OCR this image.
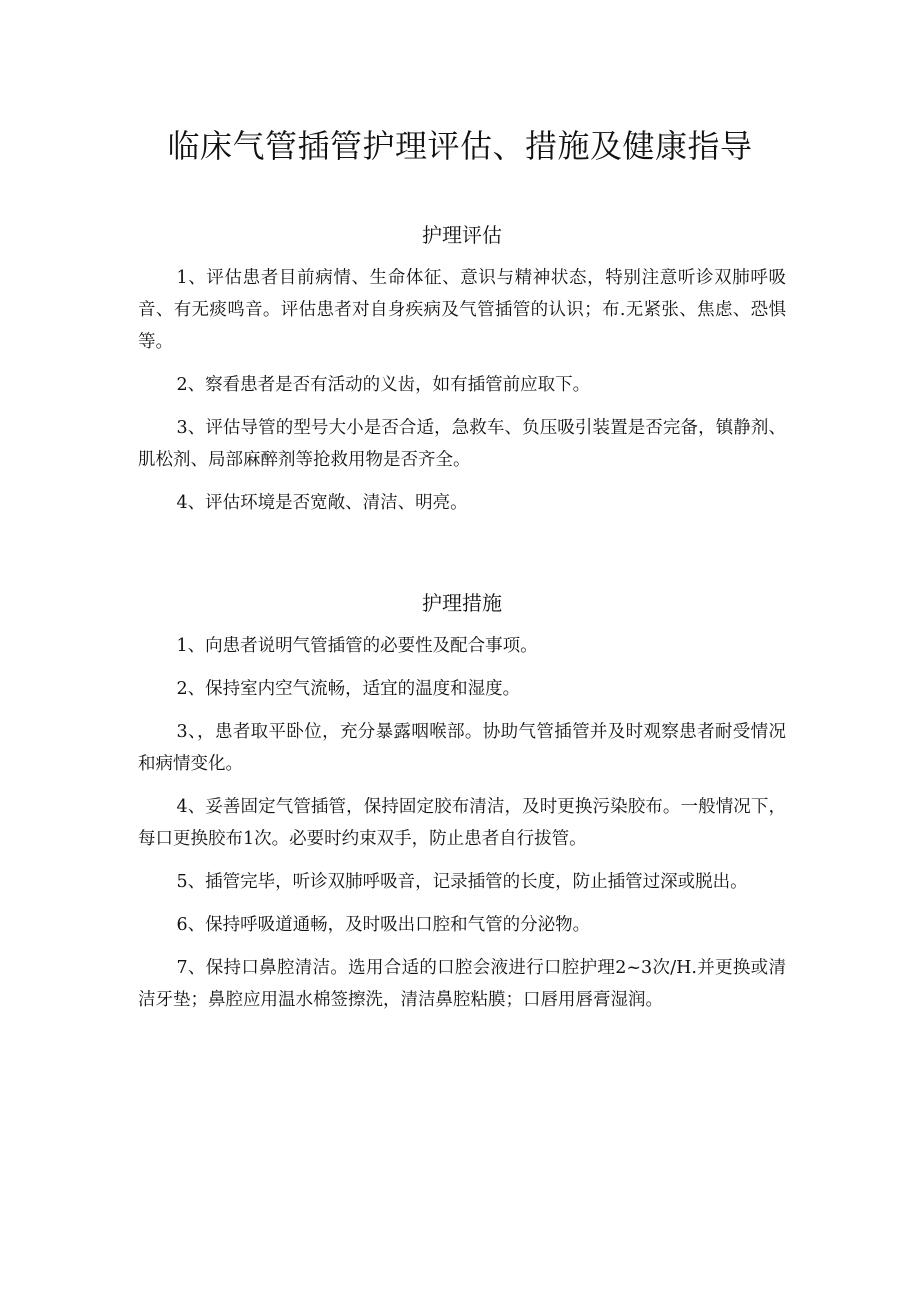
临床气管插管护理评估、措施及健康指导
护理评估

1、评估患者目前病情、生命体征、意识与精神状态，特别注意听诊双肺呼吸音、有无痰鸣音。评估患者对自身疾病及气管插管的认识；布.无紧张、焦虑、恐惧等。

2、察看患者是否有活动的义齿，如有插管前应取下。

3、评估导管的型号大小是否合适，急救车、负压吸引装置是否完备，镇静剂、肌松剂、局部麻醉剂等抢救用物是否齐全。

4、评估环境是否宽敞、清洁、明亮。

护理措施

1、向患者说明气管插管的必要性及配合事项。

2、保持室内空气流畅，适宜的温度和湿度。

3、，患者取平卧位，充分暴露咽喉部。协助气管插管并及时观察患者耐受情况和病情变化。

4、妥善固定气管插管，保持固定胶布清洁，及时更换污染胶布。一般情况下，每口更换胶布1次。必要时约束双手，防止患者自行拔管。

5、插管完毕，听诊双肺呼吸音，记录插管的长度，防止插管过深或脱出。

6、保持呼吸道通畅，及时吸出口腔和气管的分泌物。

7、保持口鼻腔清洁。选用合适的口腔会液进行口腔护理2~3次/H.并更换或清洁牙垫；鼻腔应用温水棉签擦洗，清洁鼻腔粘膜；口唇用唇膏湿润。
